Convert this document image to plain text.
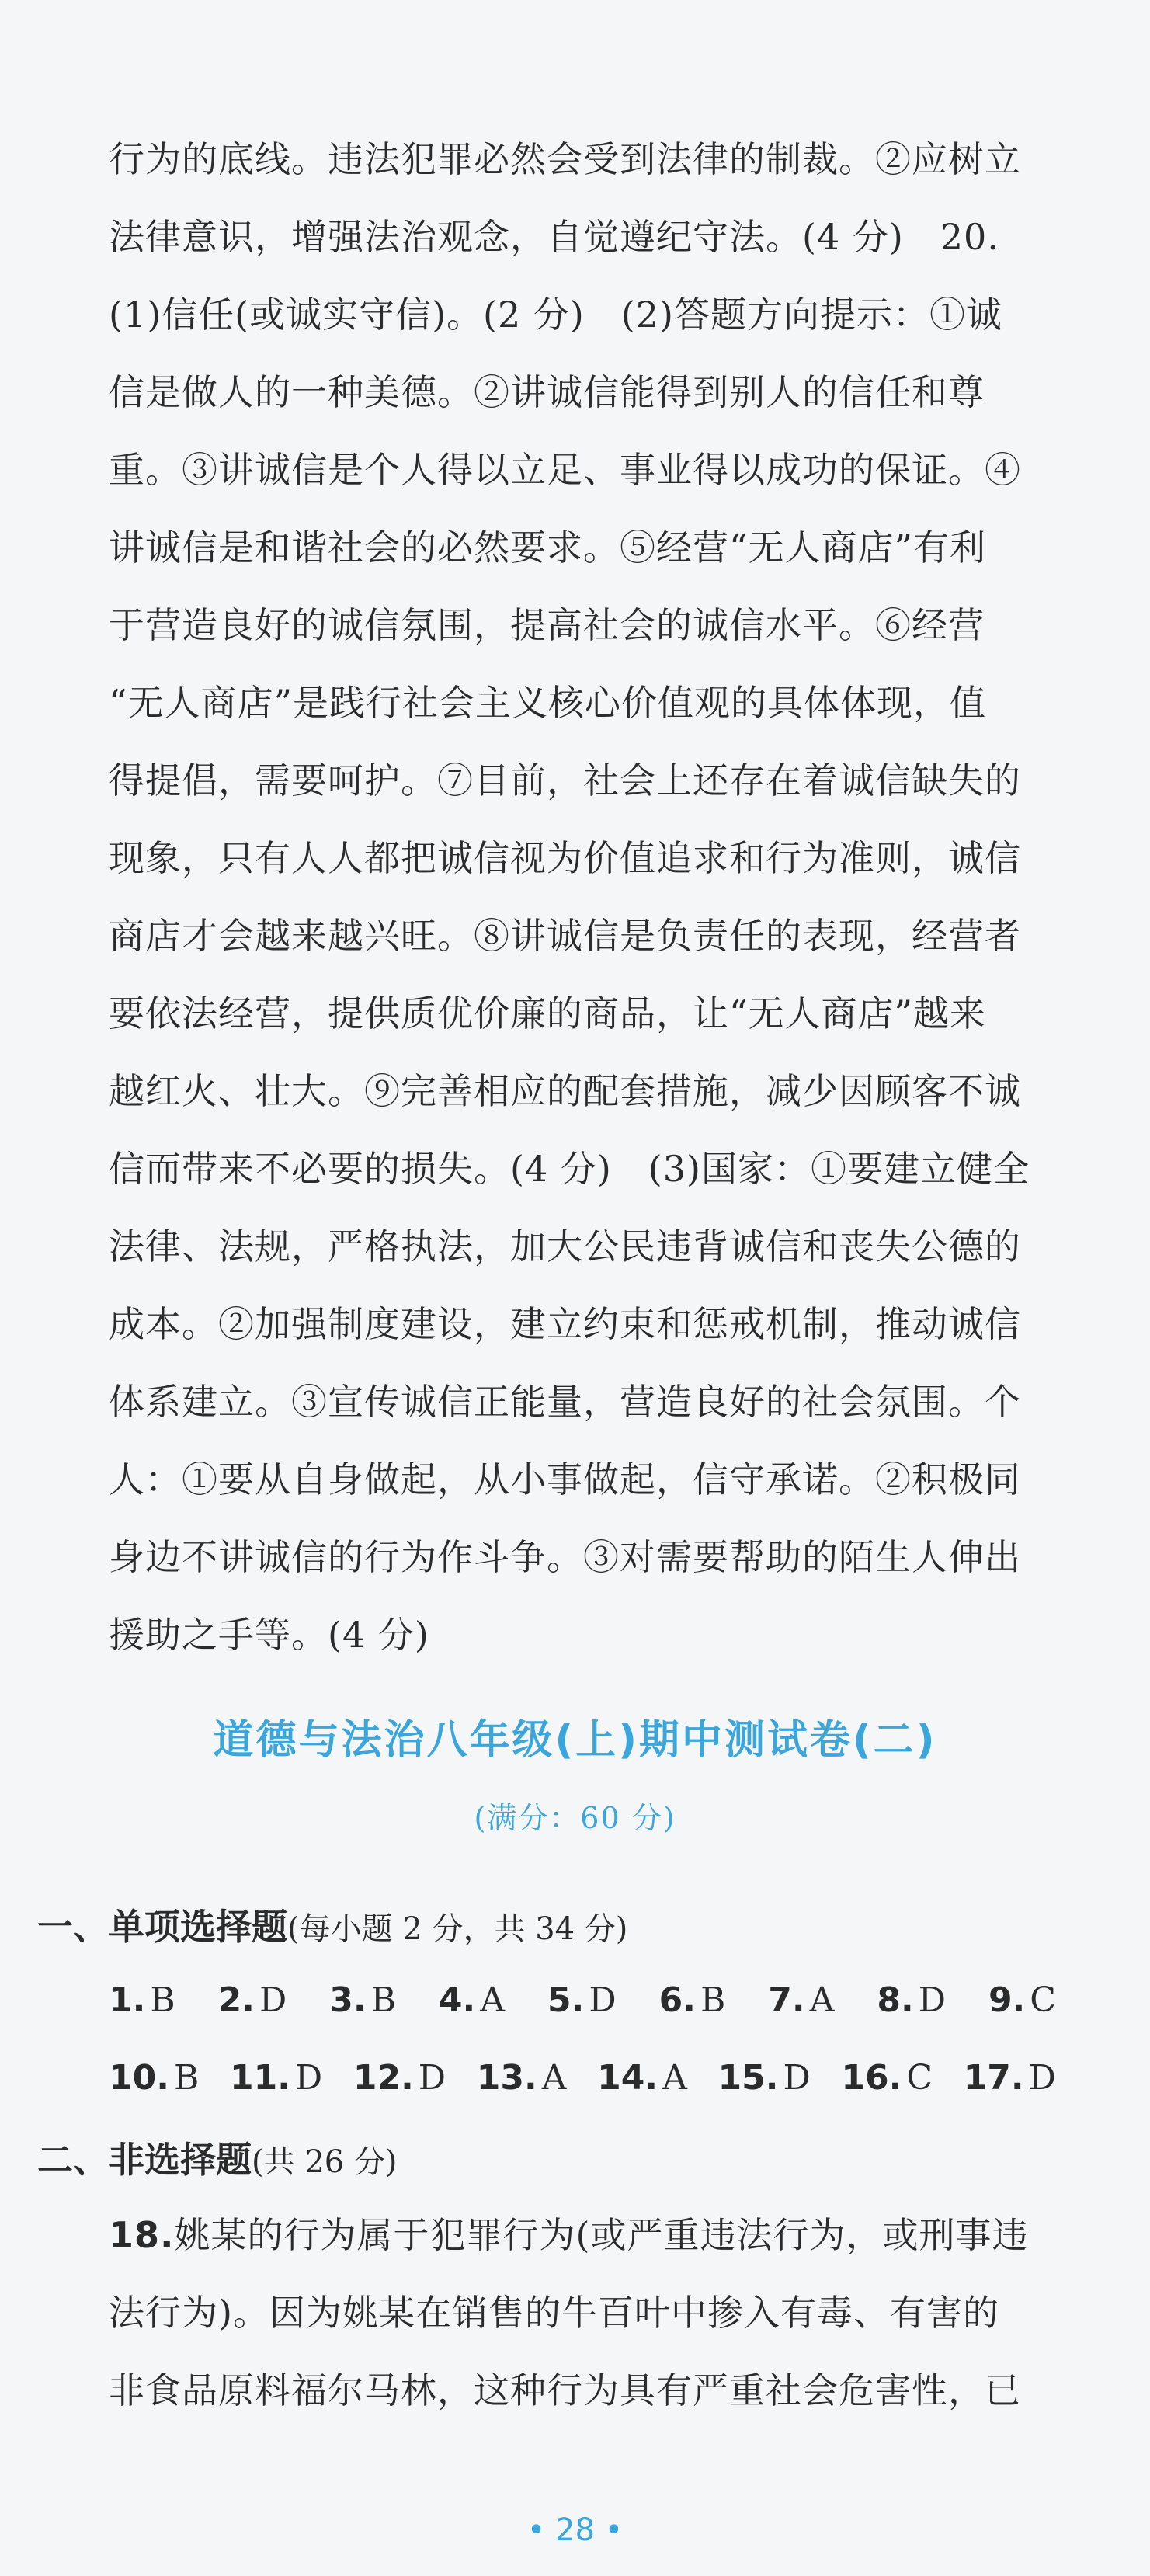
行为的底线。违法犯罪必然会受到法律的制裁。②应树立
法律意识，增强法治观念，自觉遵纪守法。(4 分)　20.
(1)信任(或诚实守信)。(2 分)　(2)答题方向提示：①诚
信是做人的一种美德。②讲诚信能得到别人的信任和尊
重。③讲诚信是个人得以立足、事业得以成功的保证。④
讲诚信是和谐社会的必然要求。⑤经营“无人商店”有利
于营造良好的诚信氛围，提高社会的诚信水平。⑥经营
“无人商店”是践行社会主义核心价值观的具体体现，值
得提倡，需要呵护。⑦目前，社会上还存在着诚信缺失的
现象，只有人人都把诚信视为价值追求和行为准则，诚信
商店才会越来越兴旺。⑧讲诚信是负责任的表现，经营者
要依法经营，提供质优价廉的商品，让“无人商店”越来
越红火、壮大。⑨完善相应的配套措施，减少因顾客不诚
信而带来不必要的损失。(4 分)　(3)国家：①要建立健全
法律、法规，严格执法，加大公民违背诚信和丧失公德的
成本。②加强制度建设，建立约束和惩戒机制，推动诚信
体系建立。③宣传诚信正能量，营造良好的社会氛围。个
人：①要从自身做起，从小事做起，信守承诺。②积极同
身边不讲诚信的行为作斗争。③对需要帮助的陌生人伸出
援助之手等。(4 分)
道德与法治八年级(上)期中测试卷(二)
(满分：60 分)
一、单项选择题(每小题 2 分，共 34 分)
1. B 2. D 3. B 4. A 5. D 6. B 7. A 8. D 9. C
10. B 11. D 12. D 13. A 14. A 15. D 16. C 17. D
二、非选择题(共 26 分)
18.姚某的行为属于犯罪行为(或严重违法行为，或刑事违
法行为)。因为姚某在销售的牛百叶中掺入有毒、有害的
非食品原料福尔马林，这种行为具有严重社会危害性，已
• 28 •
